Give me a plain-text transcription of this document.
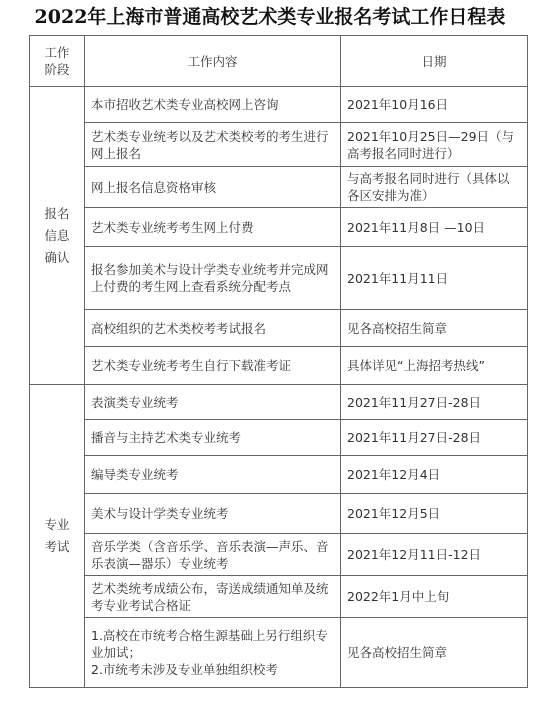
2022年上海市普通高校艺术类专业报名考试工作日程表
工作阶段	工作内容	日期
报名信息确认	本市招收艺术类专业高校网上咨询	2021年10月16日
	艺术类专业统考以及艺术类校考的考生进行网上报名	2021年10月25日—29日（与高考报名同时进行）
	网上报名信息资格审核	与高考报名同时进行（具体以各区安排为准）
	艺术类专业统考考生网上付费	2021年11月8日 —10日
	报名参加美术与设计学类专业统考并完成网上付费的考生网上查看系统分配考点	2021年11月11日
	高校组织的艺术类校考考试报名	见各高校招生简章
	艺术类专业统考考生自行下载准考证	具体详见“上海招考热线”
专业考试	表演类专业统考	2021年11月27日-28日
	播音与主持艺术类专业统考	2021年11月27日-28日
	编导类专业统考	2021年12月4日
	美术与设计学类专业统考	2021年12月5日
	音乐学类（含音乐学、音乐表演—声乐、音乐表演—器乐）专业统考	2021年12月11日-12日
	艺术类统考成绩公布，寄送成绩通知单及统考专业考试合格证	2022年1月中上旬
	1.高校在市统考合格生源基础上另行组织专业加试；
2.市统考未涉及专业单独组织校考	见各高校招生简章
